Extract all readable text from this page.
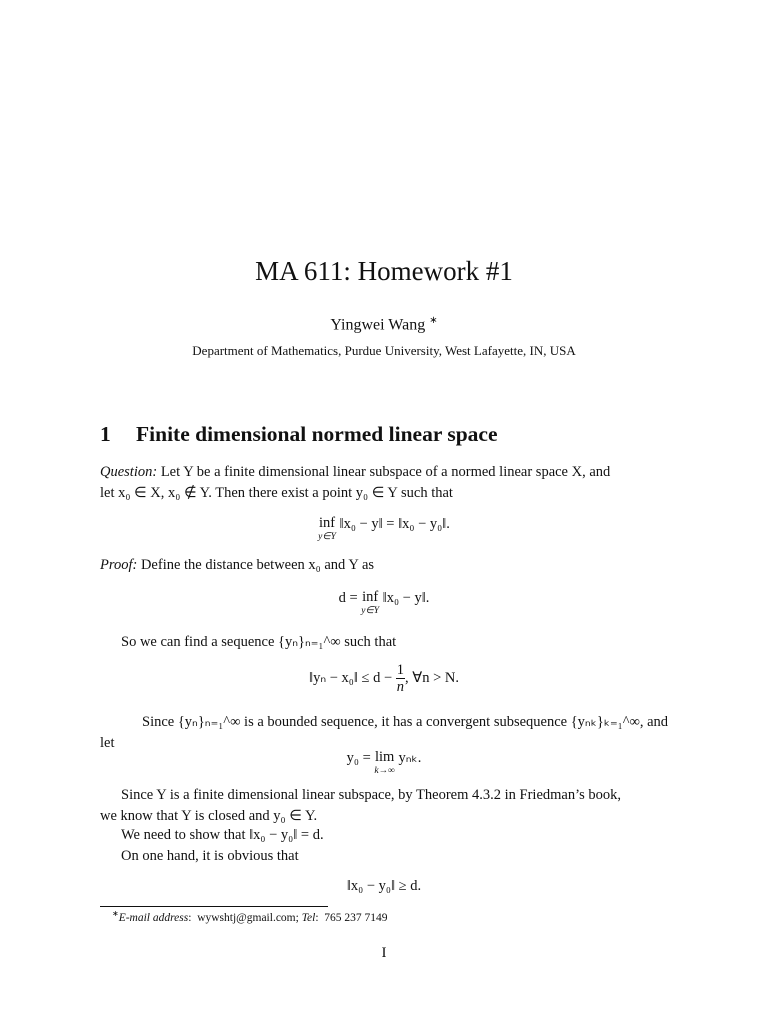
MA 611: Homework #1
Yingwei Wang ∗
Department of Mathematics, Purdue University, West Lafayette, IN, USA
1 Finite dimensional normed linear space
Question: Let Y be a finite dimensional linear subspace of a normed linear space X, and
let x₀ ∈ X, x₀ ∉ Y. Then there exist a point y₀ ∈ Y such that
inf
y∈Y
‖x₀ − y‖ = ‖x₀ − y₀‖.
Proof: Define the distance between x₀ and Y as
d = inf
y∈Y
‖x₀ − y‖.
So we can find a sequence {yₙ}ₙ₌₁^∞ such that
‖yₙ − x₀‖ ≤ $d - \frac{1}{n}$ , ∀n > N.
Since {yₙ}ₙ₌₁^∞ is a bounded sequence, it has a convergent subsequence {yₙₖ}ₖ₌₁^∞, and
let
y₀ = lim
k→∞
yₙₖ.
Since Y is a finite dimensional linear subspace, by Theorem 4.3.2 in Friedman’s book,
we know that Y is closed and y₀ ∈ Y.
We need to show that ‖x₀ − y₀‖ = d.
On one hand, it is obvious that
‖x₀ − y₀‖ ≥ d.
∗E-mail address:  wywshtj@gmail.com; Tel:  765 237 7149
I
